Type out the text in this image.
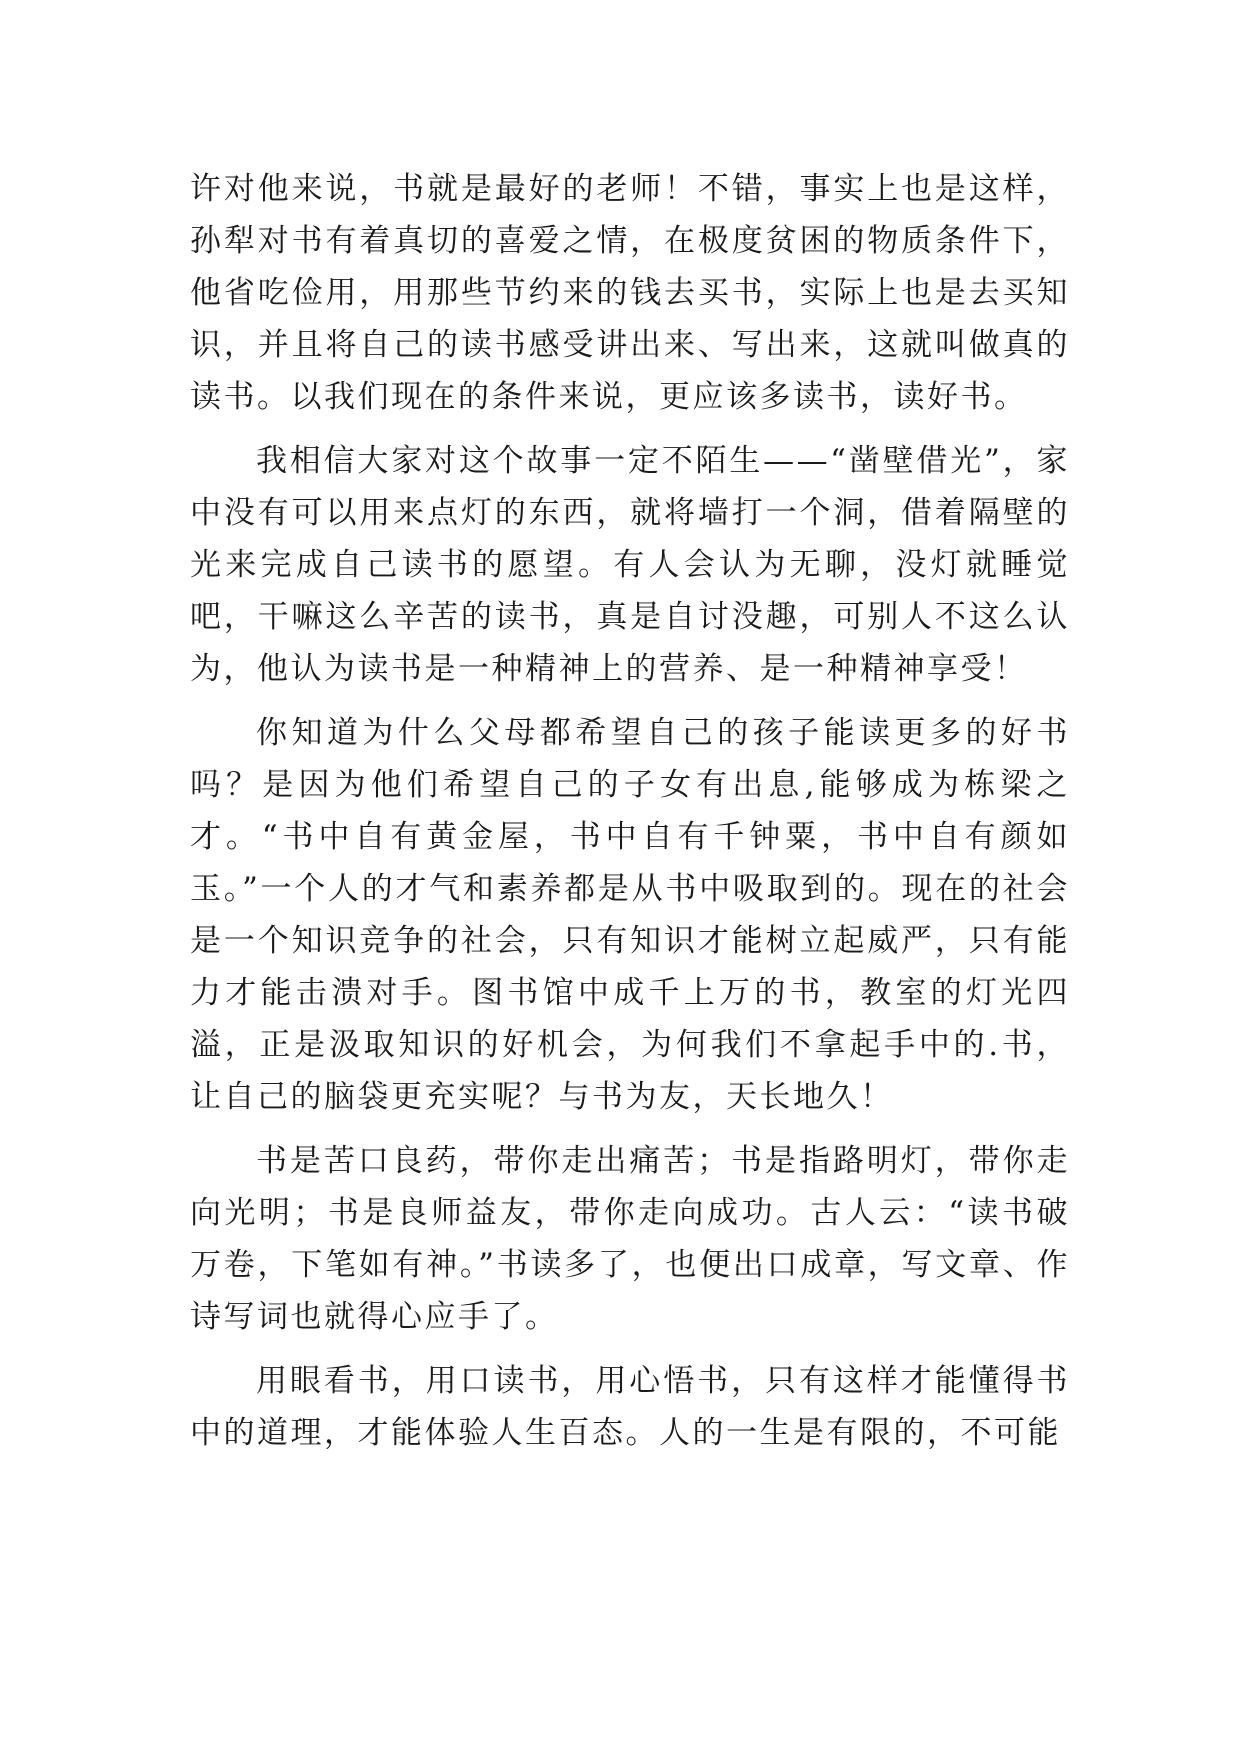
许对他来说，书就是最好的老师！不错，事实上也是这样，孙犁对书有着真切的喜爱之情，在极度贫困的物质条件下，他省吃俭用，用那些节约来的钱去买书，实际上也是去买知识，并且将自己的读书感受讲出来、写出来，这就叫做真的读书。以我们现在的条件来说，更应该多读书，读好书。

我相信大家对这个故事一定不陌生——“凿壁借光”，家中没有可以用来点灯的东西，就将墙打一个洞，借着隔壁的光来完成自己读书的愿望。有人会认为无聊，没灯就睡觉吧，干嘛这么辛苦的读书，真是自讨没趣，可别人不这么认为，他认为读书是一种精神上的营养、是一种精神享受！

你知道为什么父母都希望自己的孩子能读更多的好书吗？是因为他们希望自己的子女有出息,能够成为栋梁之才。“书中自有黄金屋，书中自有千钟粟，书中自有颜如玉。”一个人的才气和素养都是从书中吸取到的。现在的社会是一个知识竞争的社会，只有知识才能树立起威严，只有能力才能击溃对手。图书馆中成千上万的书，教室的灯光四溢，正是汲取知识的好机会，为何我们不拿起手中的.书，让自己的脑袋更充实呢？与书为友，天长地久！

书是苦口良药，带你走出痛苦；书是指路明灯，带你走向光明；书是良师益友，带你走向成功。古人云：“读书破万卷，下笔如有神。”书读多了，也便出口成章，写文章、作诗写词也就得心应手了。

用眼看书，用口读书，用心悟书，只有这样才能懂得书中的道理，才能体验人生百态。人的一生是有限的，不可能
